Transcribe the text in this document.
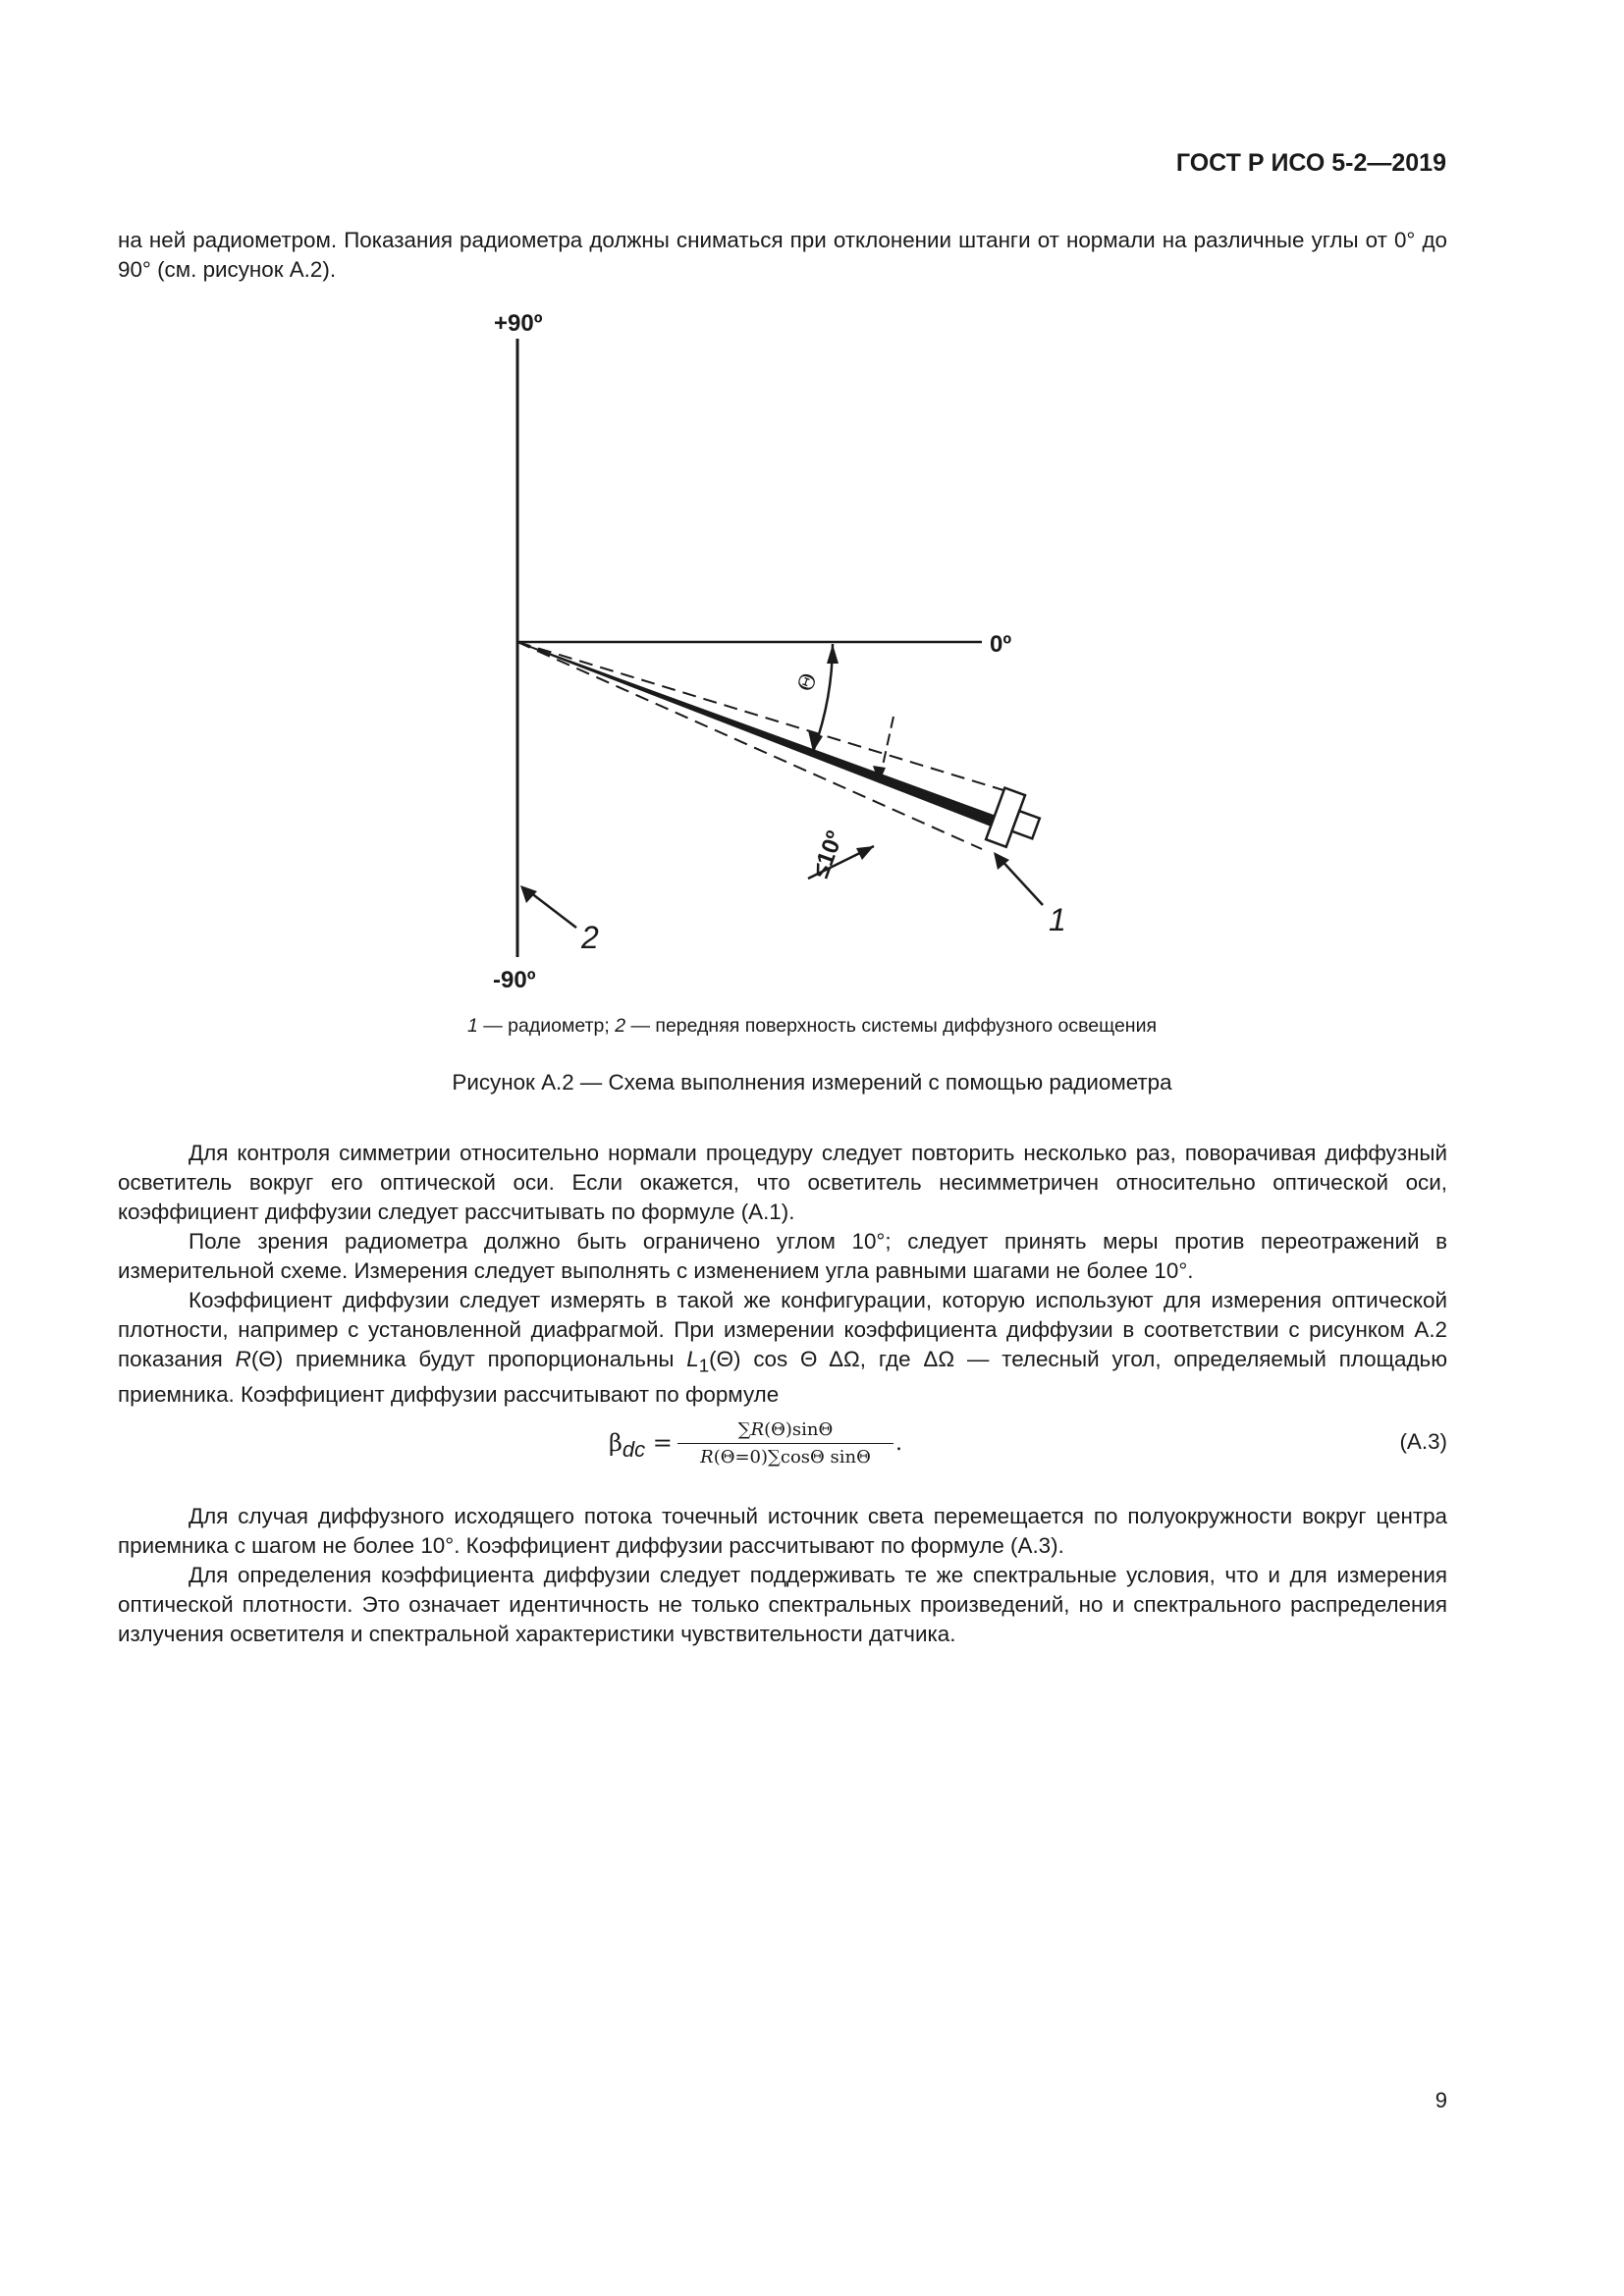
ГОСТ Р ИСО 5-2—2019

на ней радиометром. Показания радиометра должны сниматься при отклонении штанги от нормали на различные углы от 0° до 90° (см. рисунок А.2).

+90º
0º
-90º
Θ
≤10º
1
2
1 — радиометр; 2 — передняя поверхность системы диффузного освещения
Рисунок А.2 — Схема выполнения измерений с помощью радиометра

Для контроля симметрии относительно нормали процедуру следует повторить несколько раз, поворачивая диффузный осветитель вокруг его оптической оси. Если окажется, что осветитель несимметричен относительно оптической оси, коэффициент диффузии следует рассчитывать по формуле (А.1).

Поле зрения радиометра должно быть ограничено углом 10°; следует принять меры против переотражений в измерительной схеме. Измерения следует выполнять с изменением угла равными шагами не более 10°.

Коэффициент диффузии следует измерять в такой же конфигурации, которую используют для измерения оптической плотности, например с установленной диафрагмой. При измерении коэффициента диффузии в соответствии с рисунком А.2 показания R(Θ) приемника будут пропорциональны $L_1(\Theta)$ cos Θ ΔΩ, где ΔΩ — телесный угол, определяемый площадью приемника. Коэффициент диффузии рассчитывают по формуле

$\beta_{dc} = \frac{\sum R(\Theta)\sin\Theta}{\text{R(Θ=0)∑cosΘ sinΘ}}$ .	(А.3)

Для случая диффузного исходящего потока точечный источник света перемещается по полуокружности вокруг центра приемника с шагом не более 10°. Коэффициент диффузии рассчитывают по формуле (А.3).

Для определения коэффициента диффузии следует поддерживать те же спектральные условия, что и для измерения оптической плотности. Это означает идентичность не только спектральных произведений, но и спектрального распределения излучения осветителя и спектральной характеристики чувствительности датчика.

9
